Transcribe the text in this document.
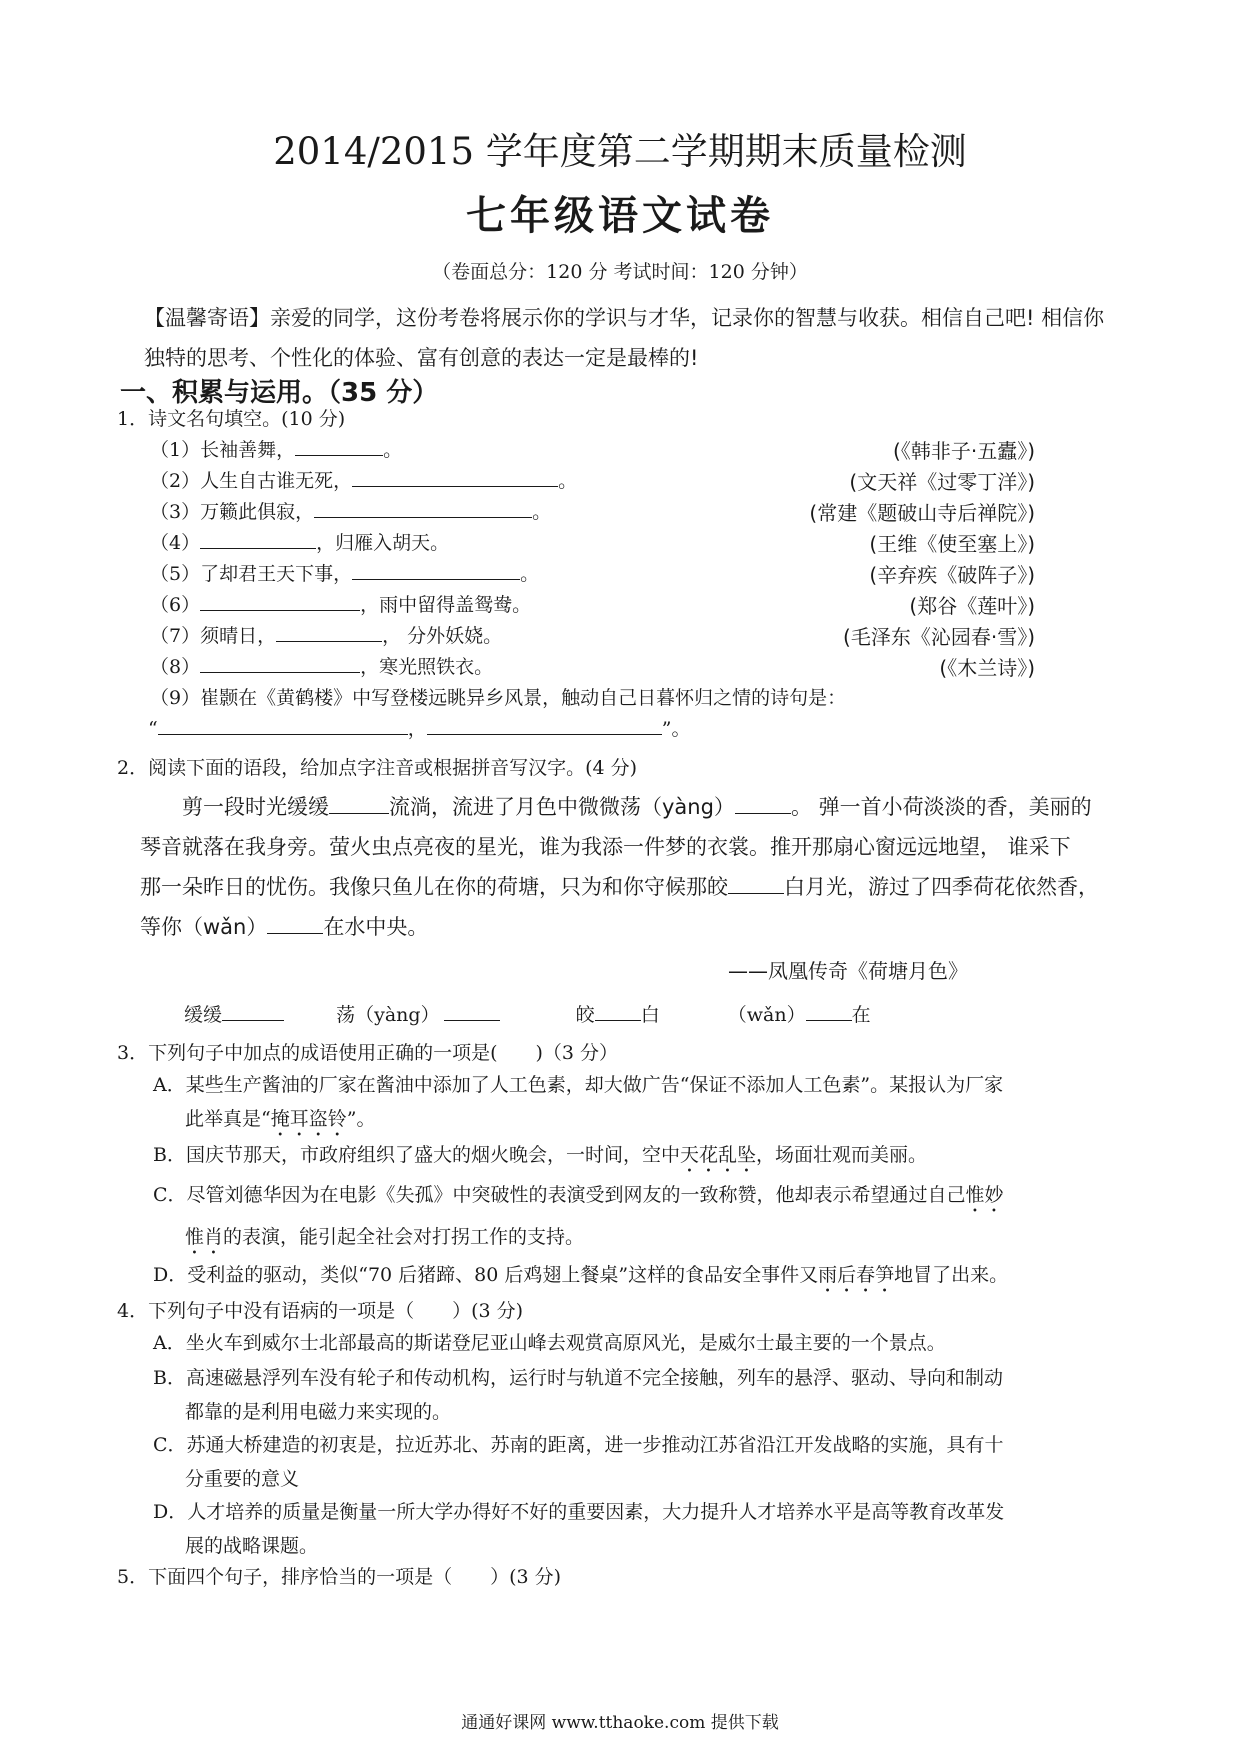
2014/2015 学年度第二学期期末质量检测
七年级语文试卷
（卷面总分：120 分 考试时间：120 分钟）
【温馨寄语】亲爱的同学，这份考卷将展示你的学识与才华，记录你的智慧与收获。相信自己吧! 相信你独特的思考、个性化的体验、富有创意的表达一定是最棒的!
一、积累与运用。（35 分）
1．诗文名句填空。(10 分)
（1）长袖善舞，	。	(《韩非子·五蠹》)
（2）人生自古谁无死，	。	(文天祥《过零丁洋》)
（3）万籁此俱寂，	。	(常建《题破山寺后禅院》)
（4）	，归雁入胡天。	(王维《使至塞上》)
（5）了却君王天下事，	。	(辛弃疾《破阵子》)
（6）	，雨中留得盖鸳鸯。	(郑谷《莲叶》)
（7）须晴日，	， 分外妖娆。	(毛泽东《沁园春·雪》)
（8）	，寒光照铁衣。	(《木兰诗》)
（9）崔颢在《黄鹤楼》中写登楼远眺异乡风景，触动自己日暮怀归之情的诗句是：
“	，	”。
2．阅读下面的语段，给加点字注音或根据拼音写汉字。(4 分)
剪一段时光缓缓	流淌，流进了月色中微微荡（yàng）	。 弹一首小荷淡淡的香，美丽的
琴音就落在我身旁。萤火虫点亮夜的星光，谁为我添一件梦的衣裳。推开那扇心窗远远地望， 谁采下
那一朵昨日的忧伤。我像只鱼儿在你的荷塘，只为和你守候那皎	白月光，游过了四季荷花依然香，
等你（wǎn）	在水中央。
——凤凰传奇《荷塘月色》
缓缓	荡（yàng）	皎 白	（wǎn） 在
3．下列句子中加点的成语使用正确的一项是(　　)（3 分）
A．某些生产酱油的厂家在酱油中添加了人工色素，却大做广告“保证不添加人工色素”。某报认为厂家
此举真是“掩耳盗铃”。
B．国庆节那天，市政府组织了盛大的烟火晚会，一时间，空中天花乱坠，场面壮观而美丽。
C．尽管刘德华因为在电影《失孤》中突破性的表演受到网友的一致称赞，他却表示希望通过自己惟妙
惟肖的表演，能引起全社会对打拐工作的支持。
D．受利益的驱动，类似“70 后猪蹄、80 后鸡翅上餐桌”这样的食品安全事件又雨后春笋地冒了出来。
4．下列句子中没有语病的一项是（　　）(3 分)
A．坐火车到威尔士北部最高的斯诺登尼亚山峰去观赏高原风光，是威尔士最主要的一个景点。
B．高速磁悬浮列车没有轮子和传动机构，运行时与轨道不完全接触，列车的悬浮、驱动、导向和制动
都靠的是利用电磁力来实现的。
C．苏通大桥建造的初衷是，拉近苏北、苏南的距离，进一步推动江苏省沿江开发战略的实施，具有十
分重要的意义
D．人才培养的质量是衡量一所大学办得好不好的重要因素，大力提升人才培养水平是高等教育改革发
展的战略课题。
5．下面四个句子，排序恰当的一项是（　　）(3 分)
通通好课网 www.tthaoke.com 提供下载
